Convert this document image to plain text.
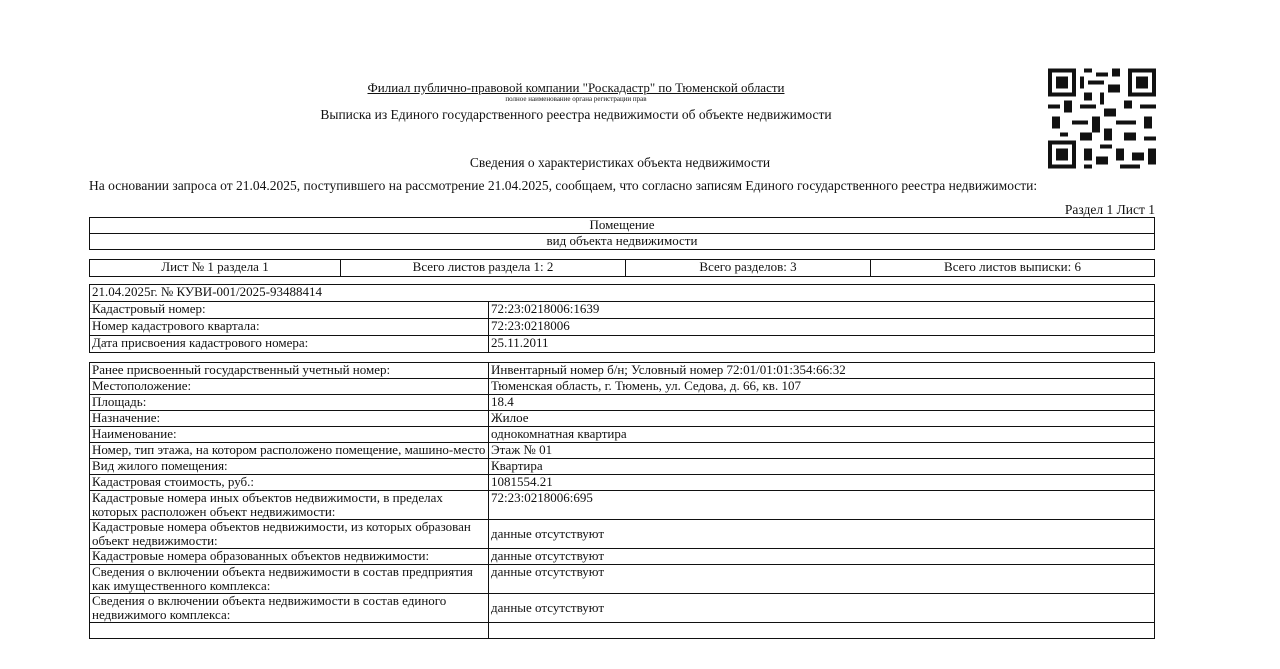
Филиал публично-правовой компании "Роскадастр" по Тюменской области
полное наименование органа регистрации прав
Выписка из Единого государственного реестра недвижимости об объекте недвижимости
Сведения о характеристиках объекта недвижимости
На основании запроса от 21.04.2025, поступившего на рассмотрение 21.04.2025, сообщаем, что согласно записям Единого государственного реестра недвижимости:
Раздел 1 Лист 1
Помещение
вид объекта недвижимости
Лист № 1 раздела 1	Всего листов раздела 1: 2	Всего разделов: 3	Всего листов выписки: 6
21.04.2025г. № КУВИ-001/2025-93488414	
Кадастровый номер:	72:23:0218006:1639
Номер кадастрового квартала:	72:23:0218006
Дата присвоения кадастрового номера:	25.11.2011
Ранее присвоенный государственный учетный номер:	Инвентарный номер б/н; Условный номер 72:01/01:01:354:66:32
Местоположение:	Тюменская область, г. Тюмень, ул. Седова, д. 66, кв. 107
Площадь:	18.4
Назначение:	Жилое
Наименование:	однокомнатная квартира
Номер, тип этажа, на котором расположено помещение, машино-место	Этаж № 01
Вид жилого помещения:	Квартира
Кадастровая стоимость, руб.:	1081554.21
Кадастровые номера иных объектов недвижимости, в пределах которых расположен объект недвижимости:	72:23:0218006:695
Кадастровые номера объектов недвижимости, из которых образован объект недвижимости:	данные отсутствуют
Кадастровые номера образованных объектов недвижимости:	данные отсутствуют
Сведения о включении объекта недвижимости в состав предприятия как имущественного комплекса:	данные отсутствуют
Сведения о включении объекта недвижимости в состав единого недвижимого комплекса:	данные отсутствуют
